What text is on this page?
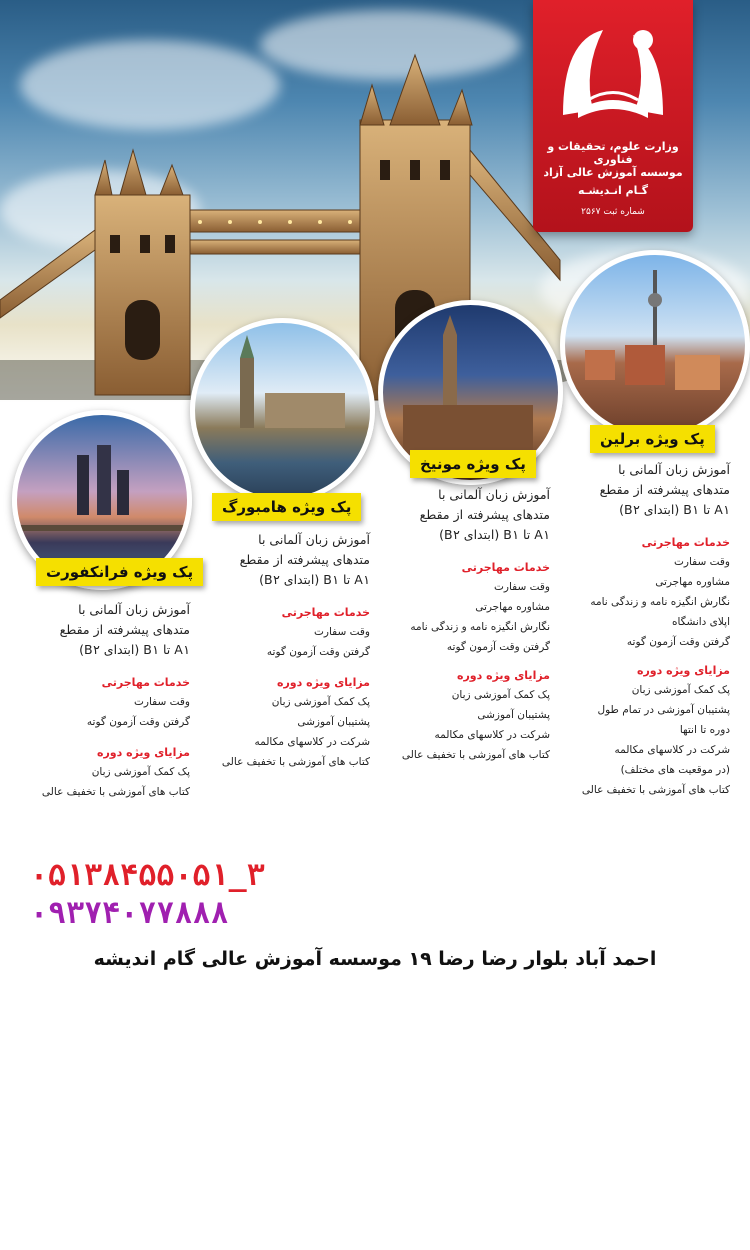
وزارت علوم، تحقیقات و فناوری
موسسه آموزش عالی آزاد
گـام انـدیشـه
شماره ثبت ۲۵۶۷
پک ویژه برلین
پک ویژه مونیخ
پک ویژه هامبورگ
پک ویژه فرانکفورت
آموزش زبان آلمانی با
متدهای پیشرفته از مقطع
A۱ تا B۱ (ابتدای B۲)
خدمات مهاجرتی
وقت سفارت
مشاوره مهاجرتی
نگارش انگیزه نامه و زندگی نامه
اپلای دانشگاه
گرفتن وقت آزمون گوته
مزایای ویژه دوره
پک کمک آموزشی زبان
پشتیبان آموزشی در تمام طول
دوره تا انتها
شرکت در کلاسهای مکالمه
(در موقعیت های مختلف)
کتاب های آموزشی با تخفیف عالی
آموزش زبان آلمانی با
متدهای پیشرفته از مقطع
A۱ تا B۱ (ابتدای B۲)
خدمات مهاجرتی
وقت سفارت
مشاوره مهاجرتی
نگارش انگیزه نامه و زندگی نامه
گرفتن وقت آزمون گوته
مزایای ویژه دوره
پک کمک آموزشی زبان
پشتیبان آموزشی
شرکت در کلاسهای مکالمه
کتاب های آموزشی با تخفیف عالی
آموزش زبان آلمانی با
متدهای پیشرفته از مقطع
A۱ تا B۱ (ابتدای B۲)
خدمات مهاجرتی
وقت سفارت
گرفتن وقت آزمون گوته
مزایای ویژه دوره
پک کمک آموزشی زبان
پشتیبان آموزشی
شرکت در کلاسهای مکالمه
کتاب های آموزشی با تخفیف عالی
آموزش زبان آلمانی با
متدهای پیشرفته از مقطع
A۱ تا B۱ (ابتدای B۲)
خدمات مهاجرتی
وقت سفارت
گرفتن وقت آزمون گوته
مزایای ویژه دوره
پک کمک آموزشی زبان
کتاب های آموزشی با تخفیف عالی
۰۵۱۳۸۴۵۵۰۵۱_۳
۰۹۳۷۴۰۷۷۸۸۸
احمد آباد بلوار رضا رضا ۱۹ موسسه آموزش عالی گام اندیشه
